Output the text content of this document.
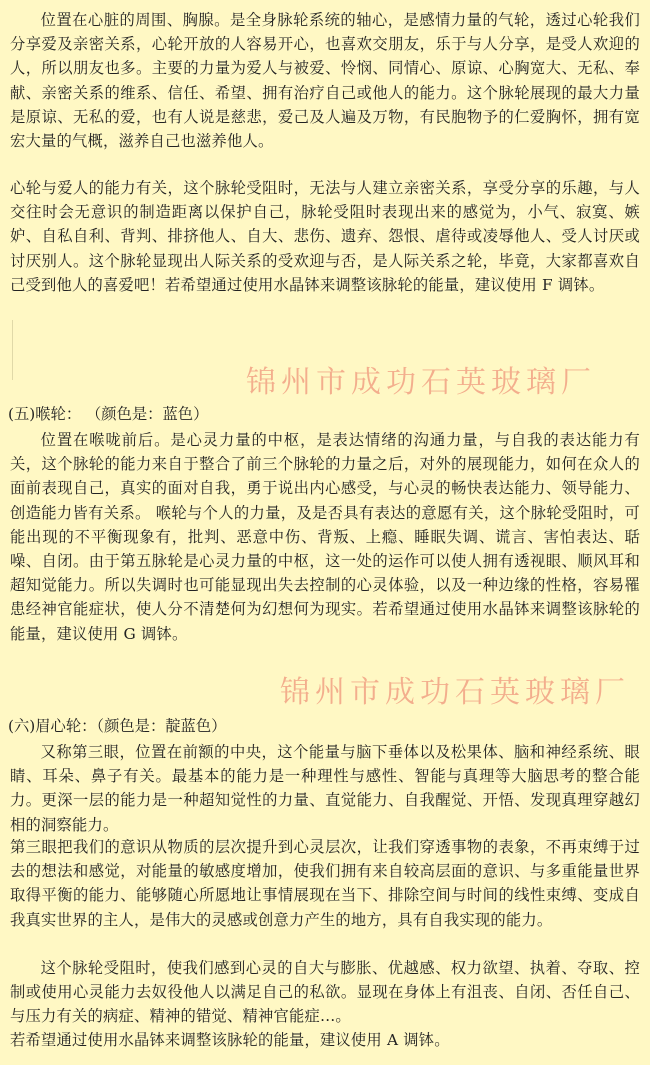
位置在心脏的周围、胸腺。是全身脉轮系统的轴心，是感情力量的气轮，透过心轮我们分享爱及亲密关系，心轮开放的人容易开心，也喜欢交朋友，乐于与人分享，是受人欢迎的人，所以朋友也多。主要的力量为爱人与被爱、怜悯、同情心、原谅、心胸宽大、无私、奉献、亲密关系的维系、信任、希望、拥有治疗自己或他人的能力。这个脉轮展现的最大力量是原谅、无私的爱，也有人说是慈悲，爱己及人遍及万物，有民胞物予的仁爱胸怀，拥有宽宏大量的气概，滋养自己也滋养他人。

心轮与爱人的能力有关，这个脉轮受阻时，无法与人建立亲密关系，享受分享的乐趣，与人交往时会无意识的制造距离以保护自己，脉轮受阻时表现出来的感觉为，小气、寂寞、嫉妒、自私自利、背判、排挤他人、自大、悲伤、遗弃、怨恨、虐待或凌辱他人、受人讨厌或讨厌别人。这个脉轮显现出人际关系的受欢迎与否，是人际关系之轮，毕竟，大家都喜欢自己受到他人的喜爱吧！若希望通过使用水晶钵来调整该脉轮的能量，建议使用 F 调钵。

锦州市成功石英玻璃厂

(五)喉轮： （颜色是：蓝色）

位置在喉咙前后。是心灵力量的中枢，是表达情绪的沟通力量，与自我的表达能力有关，这个脉轮的能力来自于整合了前三个脉轮的力量之后，对外的展现能力，如何在众人的面前表现自己，真实的面对自我，勇于说出内心感受，与心灵的畅快表达能力、领导能力、创造能力皆有关系。 喉轮与个人的力量，及是否具有表达的意愿有关，这个脉轮受阻时，可能出现的不平衡现象有，批判、恶意中伤、背叛、上瘾、睡眠失调、谎言、害怕表达、聒噪、自闭。由于第五脉轮是心灵力量的中枢，这一处的运作可以使人拥有透视眼、顺风耳和超知觉能力。所以失调时也可能显现出失去控制的心灵体验，以及一种边缘的性格，容易罹患经神官能症状，使人分不清楚何为幻想何为现实。若希望通过使用水晶钵来调整该脉轮的能量，建议使用 G 调钵。

锦州市成功石英玻璃厂

(六)眉心轮：（颜色是：靛蓝色）

又称第三眼，位置在前额的中央，这个能量与脑下垂体以及松果体、脑和神经系统、眼睛、耳朵、鼻子有关。最基本的能力是一种理性与感性、智能与真理等大脑思考的整合能力。更深一层的能力是一种超知觉性的力量、直觉能力、自我醒觉、开悟、发现真理穿越幻相的洞察能力。

第三眼把我们的意识从物质的层次提升到心灵层次，让我们穿透事物的表象，不再束缚于过去的想法和感觉，对能量的敏感度增加，使我们拥有来自较高层面的意识、与多重能量世界取得平衡的能力、能够随心所愿地让事情展现在当下、排除空间与时间的线性束缚、变成自我真实世界的主人，是伟大的灵感或创意力产生的地方，具有自我实现的能力。

这个脉轮受阻时，使我们感到心灵的自大与膨胀、优越感、权力欲望、执着、夺取、控制或使用心灵能力去奴役他人以满足自己的私欲。显现在身体上有沮丧、自闭、否任自己、与压力有关的病症、精神的错觉、精神官能症…。

若希望通过使用水晶钵来调整该脉轮的能量，建议使用 A 调钵。
